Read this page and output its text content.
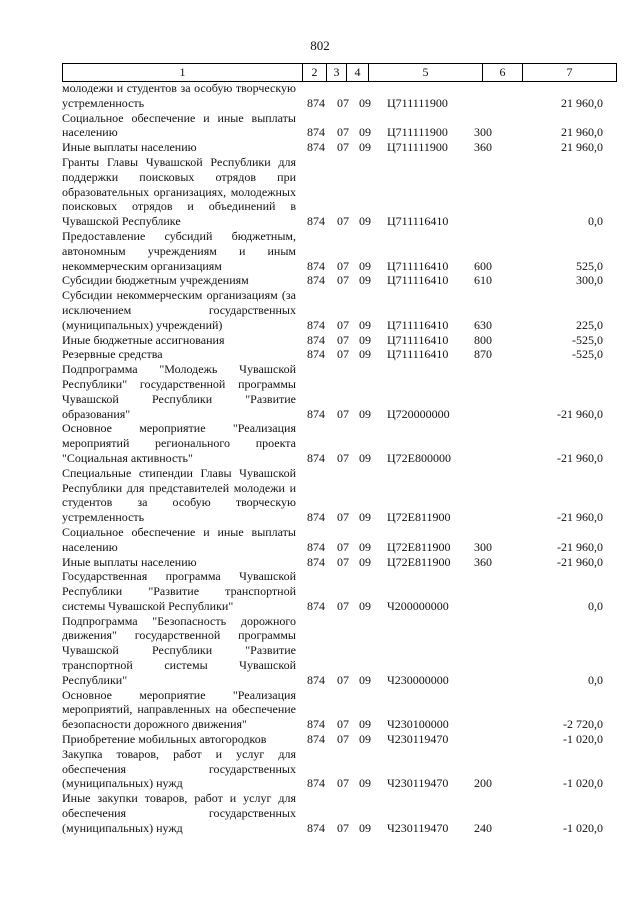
802
1	2	3	4	5	6	7
молодежи и студентов за особую творческую устремленность	874 07 09 Ц711111900	21 960,0
Социальное обеспечение и иные выплаты населению	874 07 09 Ц711111900 300	21 960,0
Иные выплаты населению	874 07 09 Ц711111900 360	21 960,0
Гранты Главы Чувашской Республики для поддержки поисковых отрядов при образовательных организациях, молодежных поисковых отрядов и объединений в Чувашской Республике	874 07 09 Ц711116410	0,0
Предоставление субсидий бюджетным, автономным учреждениям и иным некоммерческим организациям	874 07 09 Ц711116410 600	525,0
Субсидии бюджетным учреждениям	874 07 09 Ц711116410 610	300,0
Субсидии некоммерческим организациям (за исключением государственных (муниципальных) учреждений)	874 07 09 Ц711116410 630	225,0
Иные бюджетные ассигнования	874 07 09 Ц711116410 800	-525,0
Резервные средства	874 07 09 Ц711116410 870	-525,0
Подпрограмма "Молодежь Чувашской Республики" государственной программы Чувашской Республики "Развитие образования"	874 07 09 Ц720000000	-21 960,0
Основное мероприятие "Реализация мероприятий регионального проекта "Социальная активность"	874 07 09 Ц72Е800000	-21 960,0
Специальные стипендии Главы Чувашской Республики для представителей молодежи и студентов за особую творческую устремленность	874 07 09 Ц72Е811900	-21 960,0
Социальное обеспечение и иные выплаты населению	874 07 09 Ц72Е811900 300	-21 960,0
Иные выплаты населению	874 07 09 Ц72Е811900 360	-21 960,0
Государственная программа Чувашской Республики "Развитие транспортной системы Чувашской Республики"	874 07 09 Ч200000000	0,0
Подпрограмма "Безопасность дорожного движения" государственной программы Чувашской Республики "Развитие транспортной системы Чувашской Республики"	874 07 09 Ч230000000	0,0
Основное мероприятие "Реализация мероприятий, направленных на обеспечение безопасности дорожного движения"	874 07 09 Ч230100000	-2 720,0
Приобретение мобильных автогородков	874 07 09 Ч230119470	-1 020,0
Закупка товаров, работ и услуг для обеспечения государственных (муниципальных) нужд	874 07 09 Ч230119470 200	-1 020,0
Иные закупки товаров, работ и услуг для обеспечения государственных (муниципальных) нужд	874 07 09 Ч230119470 240	-1 020,0
